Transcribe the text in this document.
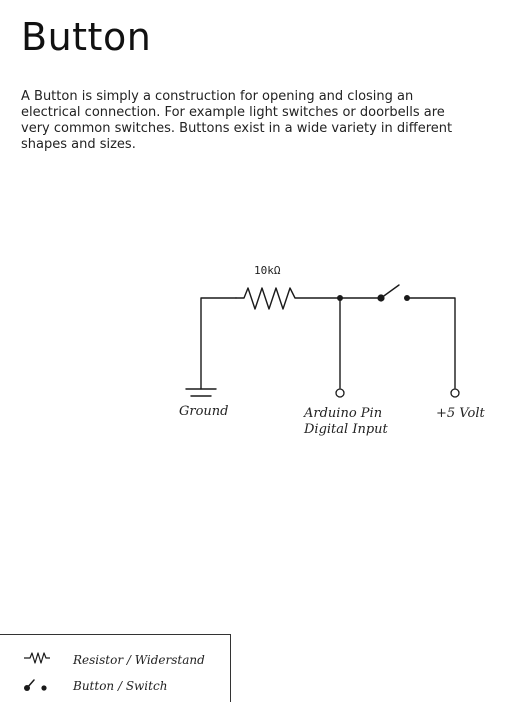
Button

A Button is simply a construction for opening and closing an electrical connection. For example light switches or doorbells are very common switches. Buttons exist in a wide variety in different shapes and sizes.

10kΩ
Ground	Arduino Pin
Digital Input
+5 Volt
Resistor / Widerstand
Button / Switch
